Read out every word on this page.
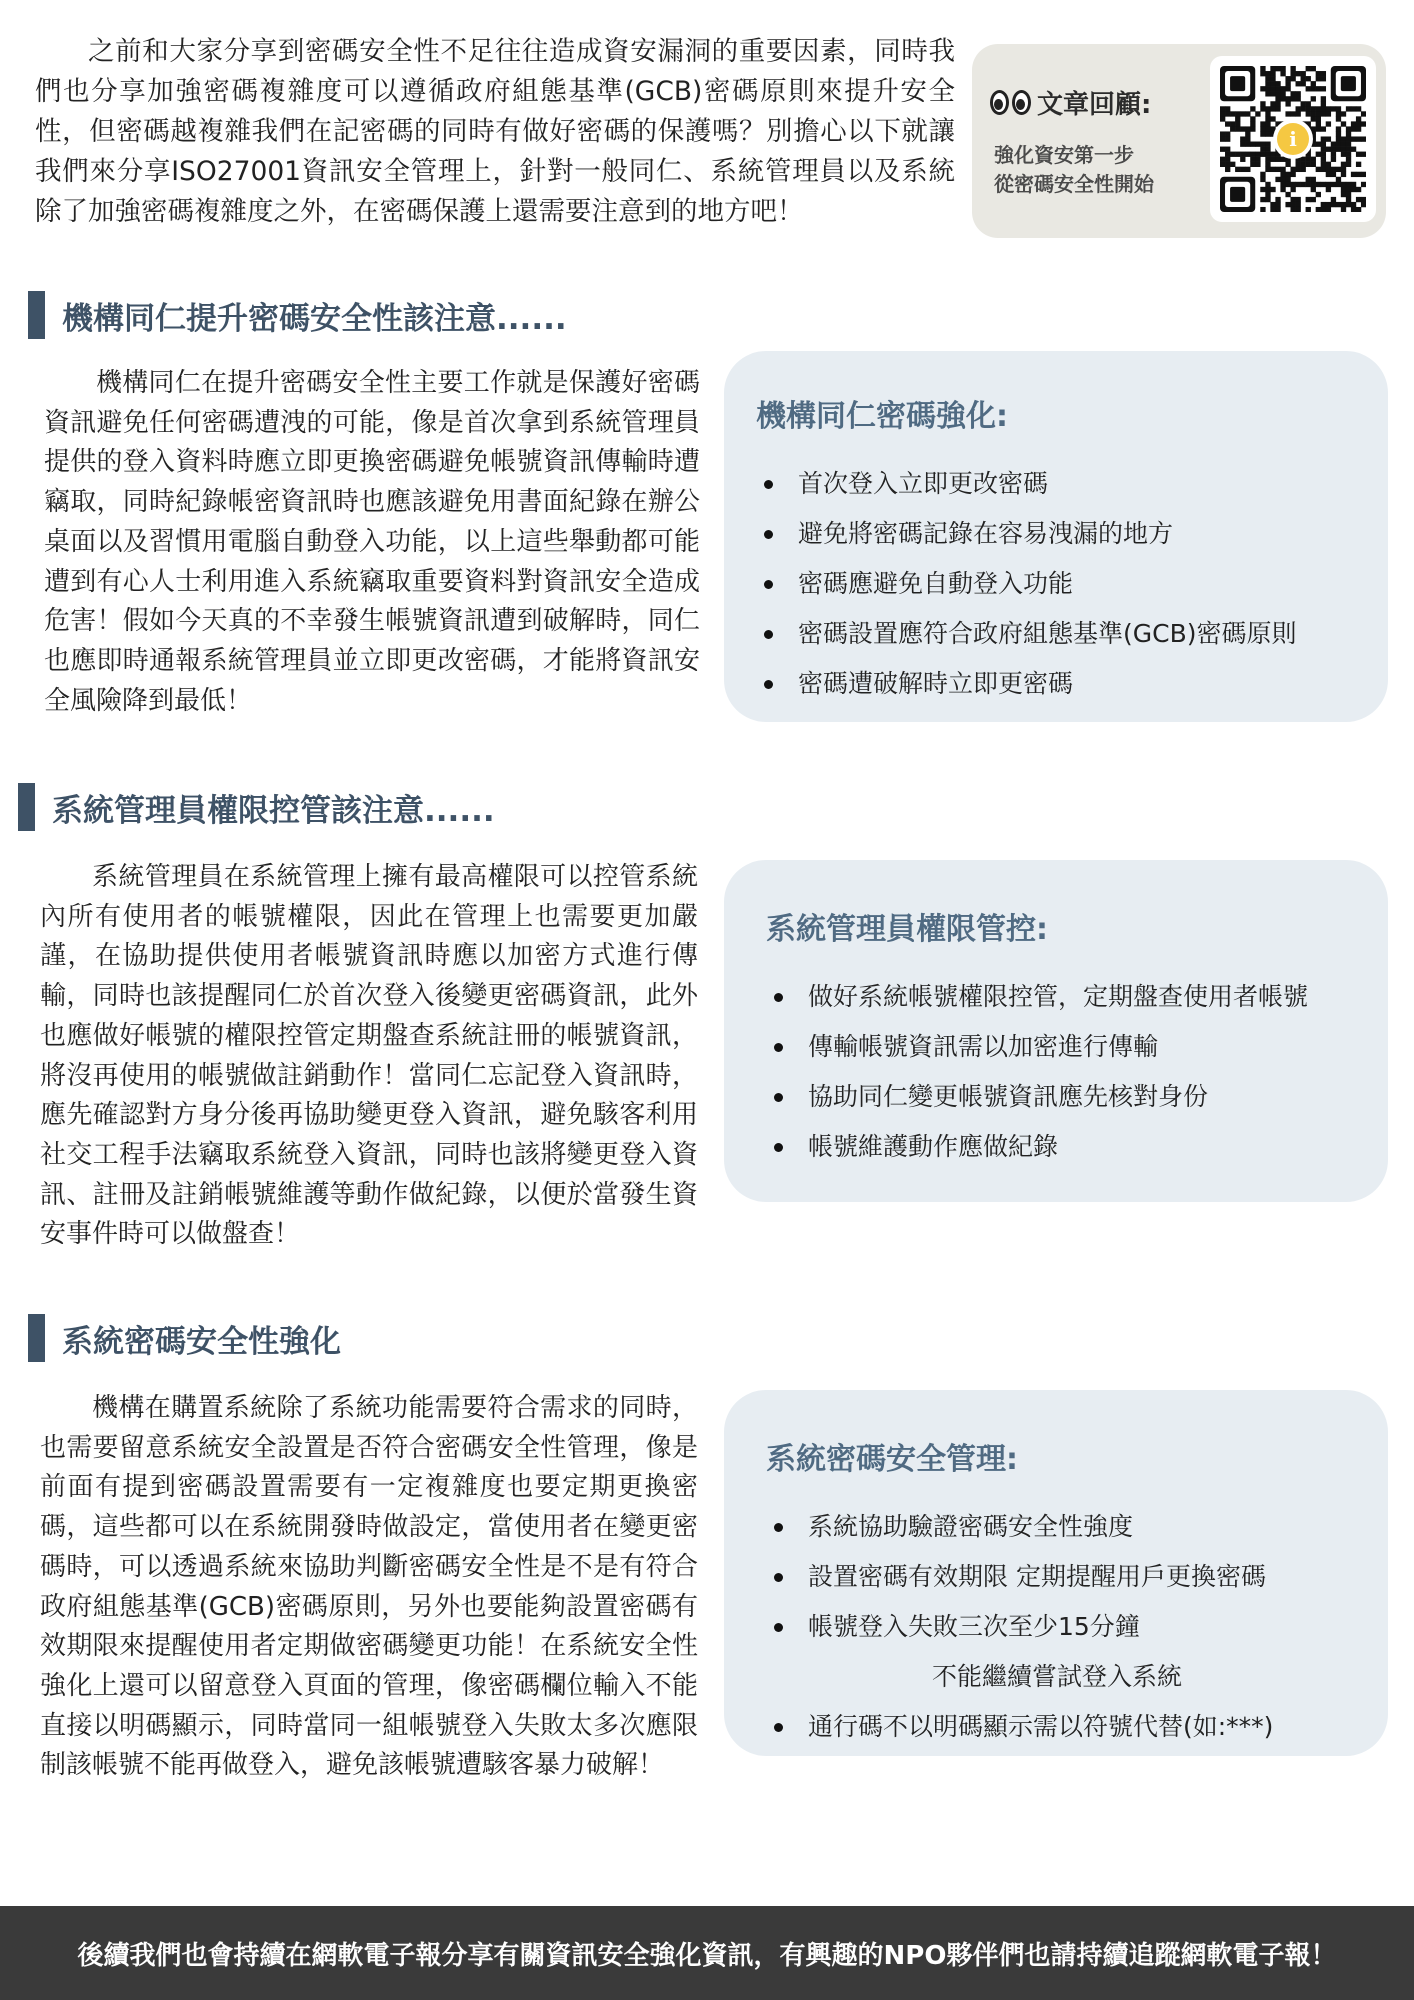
之前和大家分享到密碼安全性不足往往造成資安漏洞的重要因素，同時我們也分享加強密碼複雜度可以遵循政府組態基準(GCB)密碼原則來提升安全性，但密碼越複雜我們在記密碼的同時有做好密碼的保護嗎？別擔心以下就讓我們來分享ISO27001資訊安全管理上，針對一般同仁、系統管理員以及系統除了加強密碼複雜度之外，在密碼保護上還需要注意到的地方吧！

文章回顧:
強化資安第一步
從密碼安全性開始
i
機構同仁提升密碼安全性該注意......

機構同仁在提升密碼安全性主要工作就是保護好密碼資訊避免任何密碼遭洩的可能，像是首次拿到系統管理員提供的登入資料時應立即更換密碼避免帳號資訊傳輸時遭竊取，同時紀錄帳密資訊時也應該避免用書面紀錄在辦公桌面以及習慣用電腦自動登入功能，以上這些舉動都可能遭到有心人士利用進入系統竊取重要資料對資訊安全造成危害！假如今天真的不幸發生帳號資訊遭到破解時，同仁也應即時通報系統管理員並立即更改密碼，才能將資訊安全風險降到最低！

機構同仁密碼強化:
首次登入立即更改密碼
避免將密碼記錄在容易洩漏的地方
密碼應避免自動登入功能
密碼設置應符合政府組態基準(GCB)密碼原則
密碼遭破解時立即更密碼
系統管理員權限控管該注意......

系統管理員在系統管理上擁有最高權限可以控管系統內所有使用者的帳號權限，因此在管理上也需要更加嚴謹，在協助提供使用者帳號資訊時應以加密方式進行傳輸，同時也該提醒同仁於首次登入後變更密碼資訊，此外也應做好帳號的權限控管定期盤查系統註冊的帳號資訊，將沒再使用的帳號做註銷動作！當同仁忘記登入資訊時，應先確認對方身分後再協助變更登入資訊，避免駭客利用社交工程手法竊取系統登入資訊，同時也該將變更登入資訊、註冊及註銷帳號維護等動作做紀錄，以便於當發生資安事件時可以做盤查！

系統管理員權限管控:
做好系統帳號權限控管，定期盤查使用者帳號
傳輸帳號資訊需以加密進行傳輸
協助同仁變更帳號資訊應先核對身份
帳號維護動作應做紀錄
系統密碼安全性強化

機構在購置系統除了系統功能需要符合需求的同時，也需要留意系統安全設置是否符合密碼安全性管理，像是前面有提到密碼設置需要有一定複雜度也要定期更換密碼，這些都可以在系統開發時做設定，當使用者在變更密碼時，可以透過系統來協助判斷密碼安全性是不是有符合政府組態基準(GCB)密碼原則，另外也要能夠設置密碼有效期限來提醒使用者定期做密碼變更功能！在系統安全性強化上還可以留意登入頁面的管理，像密碼欄位輸入不能直接以明碼顯示，同時當同一組帳號登入失敗太多次應限制該帳號不能再做登入，避免該帳號遭駭客暴力破解！

系統密碼安全管理:
系統協助驗證密碼安全性強度
設置密碼有效期限 定期提醒用戶更換密碼
帳號登入失敗三次至少15分鐘
不能繼續嘗試登入系統
通行碼不以明碼顯示需以符號代替(如:***)
後續我們也會持續在網軟電子報分享有關資訊安全強化資訊，有興趣的NPO夥伴們也請持續追蹤網軟電子報！
